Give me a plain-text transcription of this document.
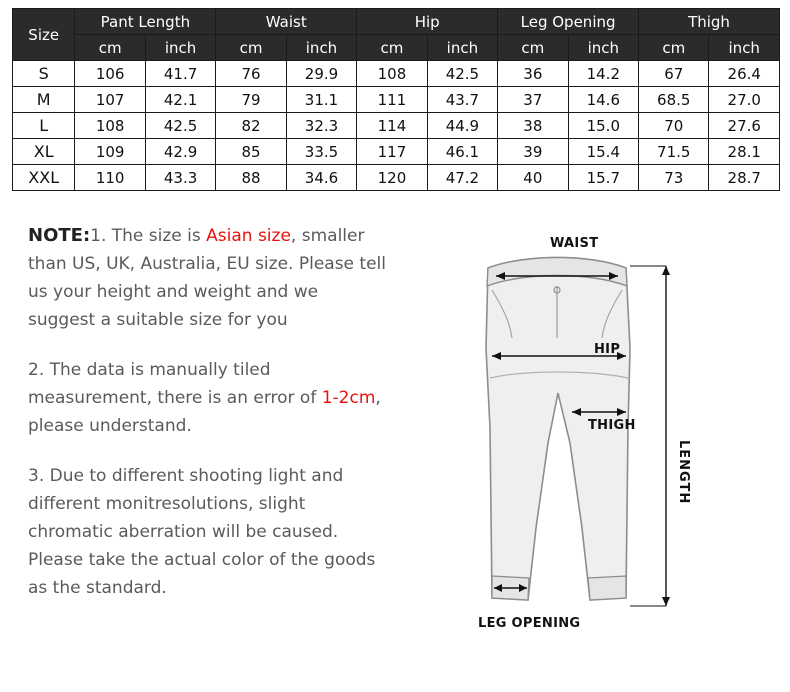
Size	Pant Length		Waist		Hip		Leg Opening		Thigh	
	cm	inch	cm	inch	cm	inch	cm	inch	cm	inch
S	106	41.7	76	29.9	108	42.5	36	14.2	67	26.4
M	107	42.1	79	31.1	111	43.7	37	14.6	68.5	27.0
L	108	42.5	82	32.3	114	44.9	38	15.0	70	27.6
XL	109	42.9	85	33.5	117	46.1	39	15.4	71.5	28.1
XXL	110	43.3	88	34.6	120	47.2	40	15.7	73	28.7

NOTE:1. The size is Asian size, smaller than US, UK, Australia, EU size. Please tell us your height and weight and we suggest a suitable size for you

2. The data is manually tiled measurement, there is an error of 1-2cm, please understand.

3. Due to different shooting light and different monitresolutions, slight chromatic aberration will be caused. Please take the actual color of the goods as the standard.

WAIST
HIP
THIGH
LEG OPENING
LENGTH
